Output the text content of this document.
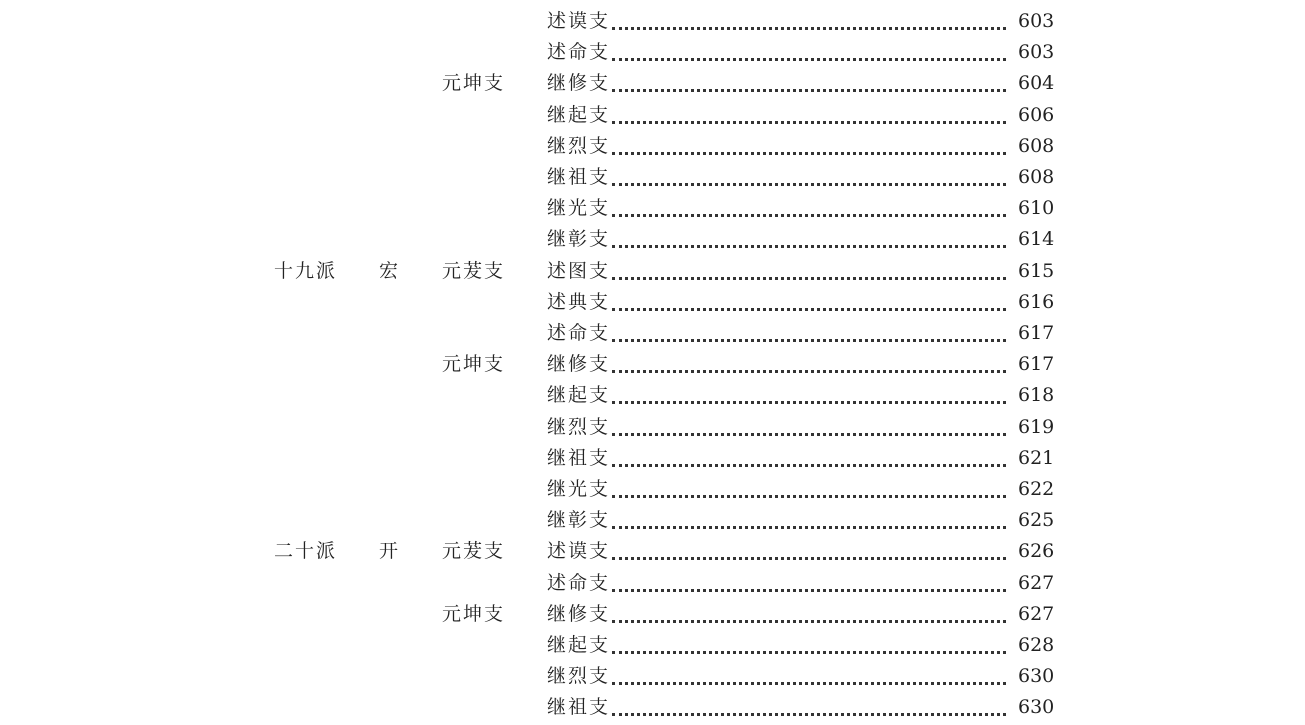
述谟支	603
述命支	603
元坤支 继修支	604
继起支	606
继烈支	608
继祖支	608
继光支	610
继彰支	614
十九派 宏 元茇支 述图支	615
述典支	616
述命支	617
元坤支 继修支	617
继起支	618
继烈支	619
继祖支	621
继光支	622
继彰支	625
二十派 开 元茇支 述谟支	626
述命支	627
元坤支 继修支	627
继起支	628
继烈支	630
继祖支	630
